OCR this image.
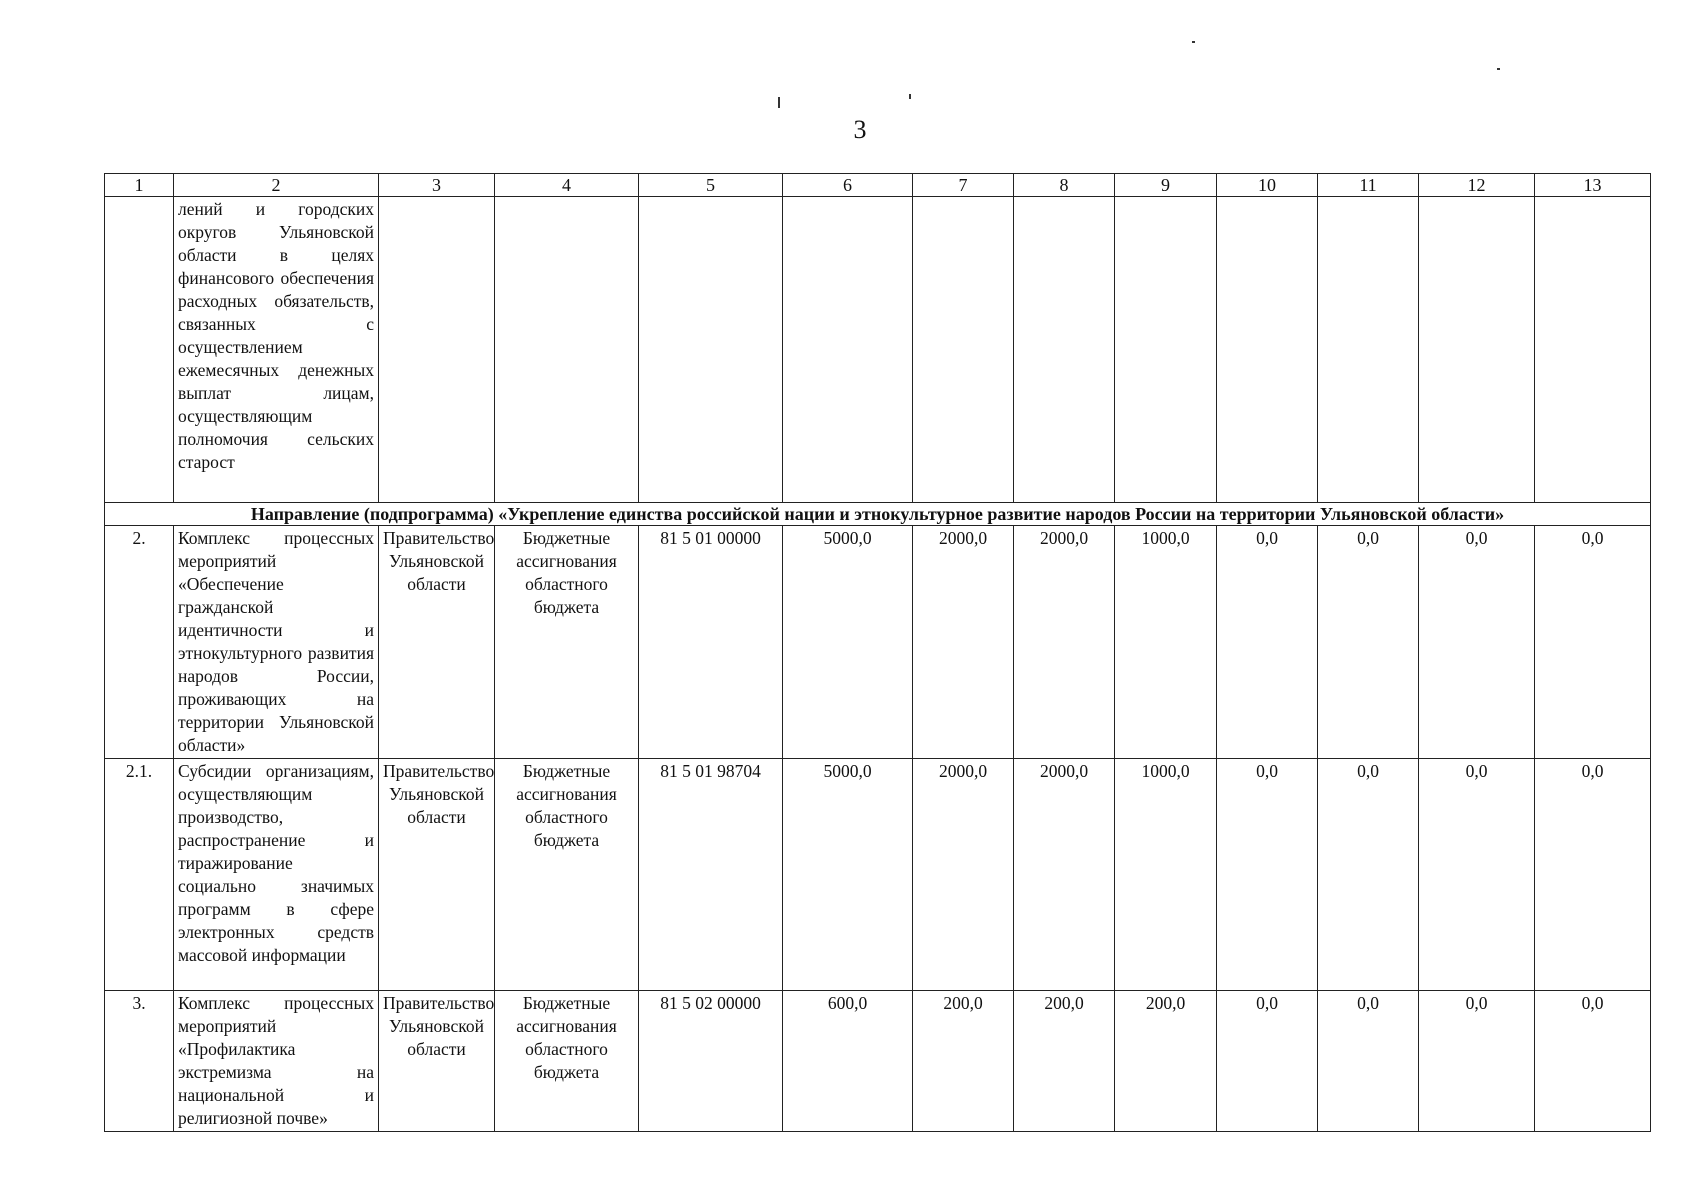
3
1	2	3	4	5	6	7	8	9	10	11	12	13
	лений и городских округов Ульяновской области в целях финансового обеспечения расходных обязательств, связанных с осуществлением ежемесячных денежных выплат лицам, осуществляющим полномочия сельских старост											
Направление (подпрограмма) «Укрепление единства российской нации и этнокультурное развитие народов России на территории Ульяновской области»												
2.	Комплекс процессных мероприятий «Обеспечение гражданской идентичности и этнокультурного развития народов России, проживающих на территории Ульяновской области»	Правительство Ульяновской области	Бюджетные ассигнования областного бюджета	81 5 01 00000	5000,0	2000,0	2000,0	1000,0	0,0	0,0	0,0	0,0
2.1.	Субсидии организациям, осуществляющим производство, распространение и тиражирование социально значимых программ в сфере электронных средств массовой информации	Правительство Ульяновской области	Бюджетные ассигнования областного бюджета	81 5 01 98704	5000,0	2000,0	2000,0	1000,0	0,0	0,0	0,0	0,0
3.	Комплекс процессных мероприятий «Профилактика экстремизма на национальной и религиозной почве»	Правительство Ульяновской области	Бюджетные ассигнования областного бюджета	81 5 02 00000	600,0	200,0	200,0	200,0	0,0	0,0	0,0	0,0
